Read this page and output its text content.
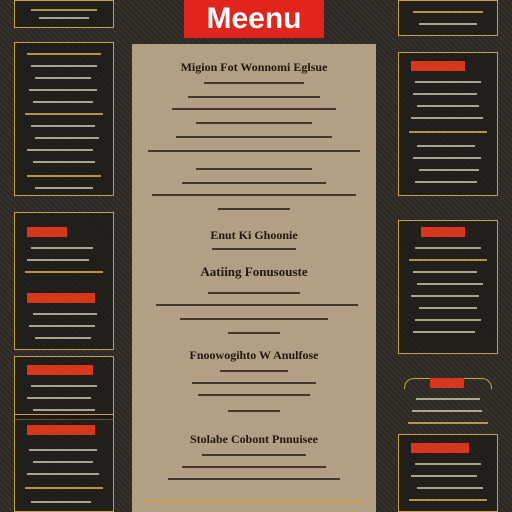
Meenu
Migion Fot Wonnomi Eglsue
Enut Ki Ghoonie
Aatiing Fonusouste
Fnoowogihto W Anulfose
Stolabe Cobont Pnnuisee
